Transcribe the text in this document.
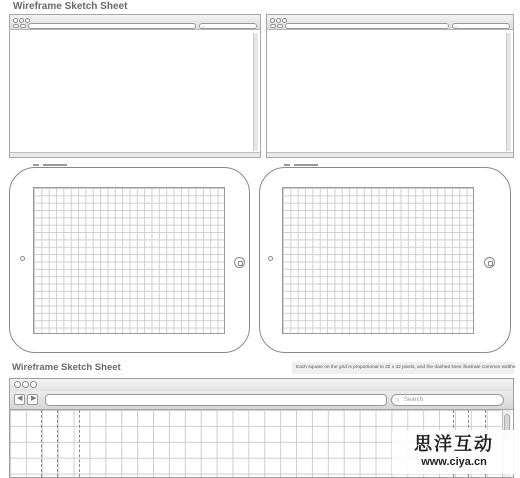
Wireframe Sketch Sheet
○	○
Wireframe Sketch Sheet	Each square on the grid is proportional to 32 x 32 pixels, and the dashed lines illustrate common widths.
◀ ▶	○ Search
思洋互动
www.ciya.cn
